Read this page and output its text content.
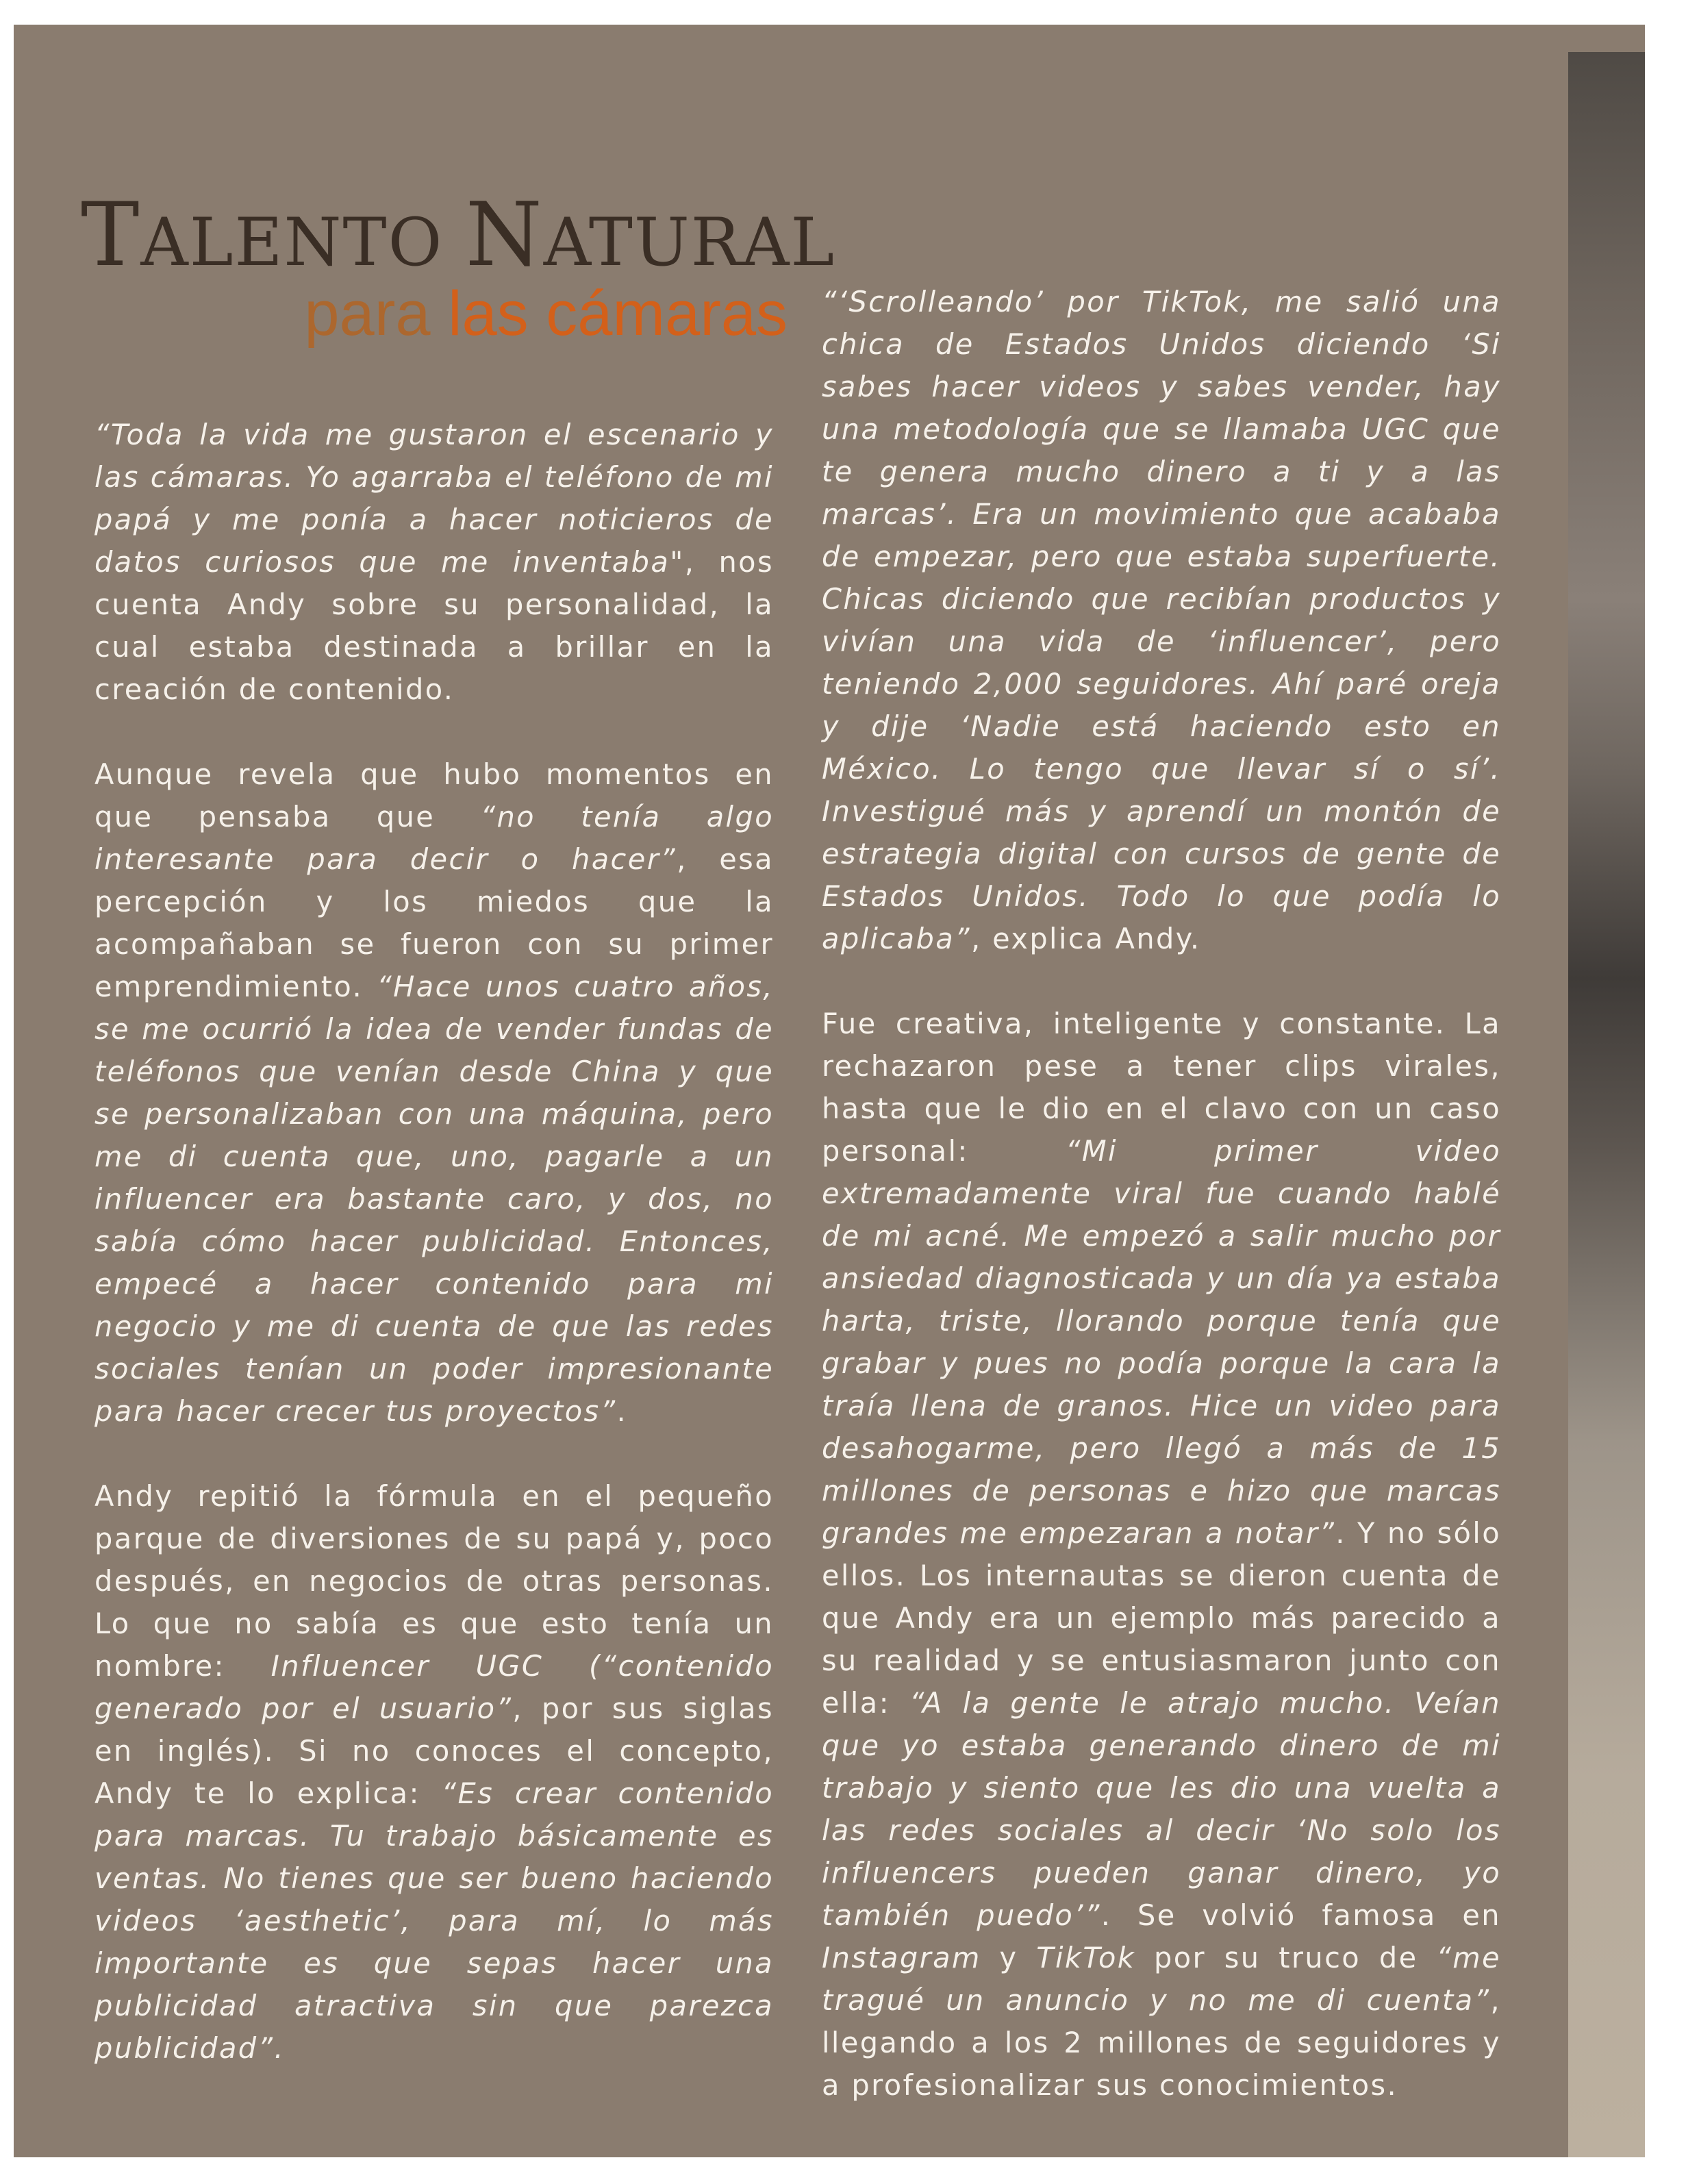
TALENTO NATURAL
para las cámaras

“Toda la vida me gustaron el escenario y las cámaras. Yo agarraba el teléfono de mi papá y me ponía a hacer noticieros de datos curiosos que me inventaba", nos cuenta Andy sobre su personalidad, la cual estaba destinada a brillar en la creación de contenido.

Aunque revela que hubo momentos en que pensaba que “no tenía algo interesante para decir o hacer”, esa percepción y los miedos que la acompañaban se fueron con su primer emprendimiento. “Hace unos cuatro años, se me ocurrió la idea de vender fundas de teléfonos que venían desde China y que se personalizaban con una máquina, pero me di cuenta que, uno, pagarle a un influencer era bastante caro, y dos, no sabía cómo hacer publicidad. Entonces, empecé a hacer contenido para mi negocio y me di cuenta de que las redes sociales tenían un poder impresionante para hacer crecer tus proyectos”.

Andy repitió la fórmula en el pequeño parque de diversiones de su papá y, poco después, en negocios de otras personas. Lo que no sabía es que esto tenía un nombre: Influencer UGC (“contenido generado por el usuario”, por sus siglas en inglés). Si no conoces el concepto, Andy te lo explica: “Es crear contenido para marcas. Tu trabajo básicamente es ventas. No tienes que ser bueno haciendo videos ‘aesthetic’, para mí, lo más importante es que sepas hacer una publicidad atractiva sin que parezca publicidad”.

“‘Scrolleando’ por TikTok, me salió una chica de Estados Unidos diciendo ‘Si sabes hacer videos y sabes vender, hay una metodología que se llamaba UGC que te genera mucho dinero a ti y a las marcas’. Era un movimiento que acababa de empezar, pero que estaba superfuerte. Chicas diciendo que recibían productos y vivían una vida de ‘influencer’, pero teniendo 2,000 seguidores. Ahí paré oreja y dije ‘Nadie está haciendo esto en México. Lo tengo que llevar sí o sí’. Investigué más y aprendí un montón de estrategia digital con cursos de gente de Estados Unidos. Todo lo que podía lo aplicaba”, explica Andy.

Fue creativa, inteligente y constante. La rechazaron pese a tener clips virales, hasta que le dio en el clavo con un caso personal: “Mi primer video extremadamente viral fue cuando hablé de mi acné. Me empezó a salir mucho por ansiedad diagnosticada y un día ya estaba harta, triste, llorando porque tenía que grabar y pues no podía porque la cara la traía llena de granos. Hice un video para desahogarme, pero llegó a más de 15 millones de personas e hizo que marcas grandes me empezaran a notar”. Y no sólo ellos. Los internautas se dieron cuenta de que Andy era un ejemplo más parecido a su realidad y se entusiasmaron junto con ella: “A la gente le atrajo mucho. Veían que yo estaba generando dinero de mi trabajo y siento que les dio una vuelta a las redes sociales al decir ‘No solo los influencers pueden ganar dinero, yo también puedo’”. Se volvió famosa en Instagram y TikTok por su truco de “me tragué un anuncio y no me di cuenta”, llegando a los 2 millones de seguidores y a profesionalizar sus conocimientos.
